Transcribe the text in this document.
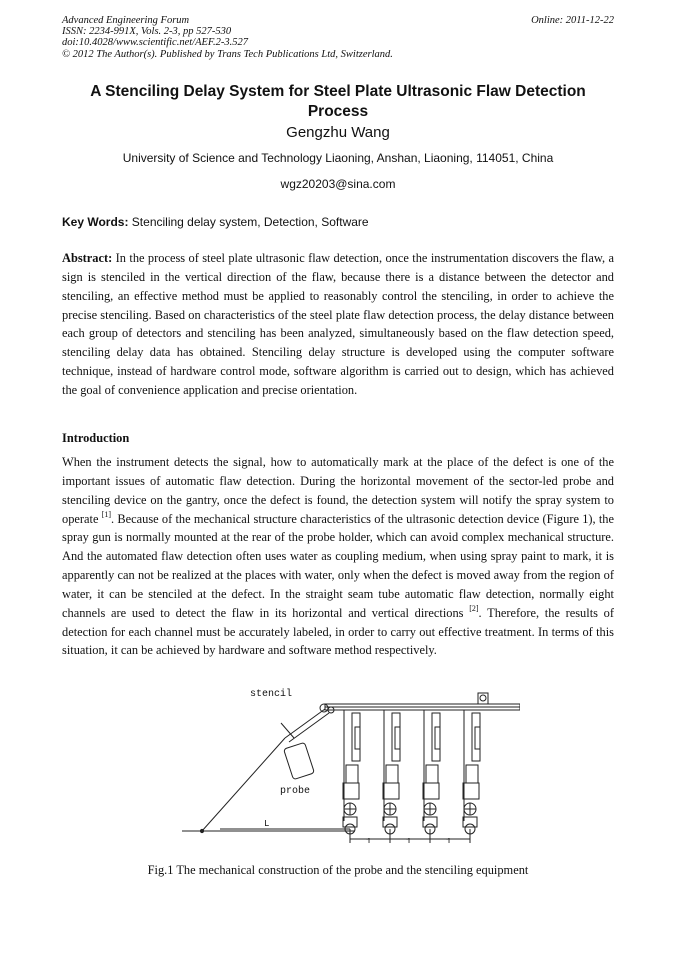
Advanced Engineering Forum
ISSN: 2234-991X, Vols. 2-3, pp 527-530
doi:10.4028/www.scientific.net/AEF.2-3.527
© 2012 The Author(s). Published by Trans Tech Publications Ltd, Switzerland.
Online: 2011-12-22
A Stenciling Delay System for Steel Plate Ultrasonic Flaw Detection Process
Gengzhu Wang
University of Science and Technology Liaoning, Anshan, Liaoning, 114051, China
wgz20203@sina.com
Key Words: Stenciling delay system, Detection, Software
Abstract: In the process of steel plate ultrasonic flaw detection, once the instrumentation discovers the flaw, a sign is stenciled in the vertical direction of the flaw, because there is a distance between the detector and stenciling, an effective method must be applied to reasonably control the stenciling, in order to achieve the precise stenciling. Based on characteristics of the steel plate flaw detection process, the delay distance between each group of detectors and stenciling has been analyzed, simultaneously based on the flaw detection speed, stenciling delay data has obtained. Stenciling delay structure is developed using the computer software technique, instead of hardware control mode, software algorithm is carried out to design, which has achieved the goal of convenience application and precise orientation.
Introduction
When the instrument detects the signal, how to automatically mark at the place of the defect is one of the important issues of automatic flaw detection. During the horizontal movement of the sector-led probe and stenciling device on the gantry, once the defect is found, the detection system will notify the spray system to operate [1]. Because of the mechanical structure characteristics of the ultrasonic detection device (Figure 1), the spray gun is normally mounted at the rear of the probe holder, which can avoid complex mechanical structure. And the automated flaw detection often uses water as coupling medium, when using spray paint to mark, it is apparently can not be realized at the places with water, only when the defect is moved away from the region of water, it can be stenciled at the defect. In the straight seam tube automatic flaw detection, normally eight channels are used to detect the flaw in its horizontal and vertical directions [2]. Therefore, the results of detection for each channel must be accurately labeled, in order to carry out effective treatment. In terms of this situation, it can be achieved by hardware and software method respectively.
stencil
probe
L
1	1	1
Fig.1 The mechanical construction of the probe and the stenciling equipment
